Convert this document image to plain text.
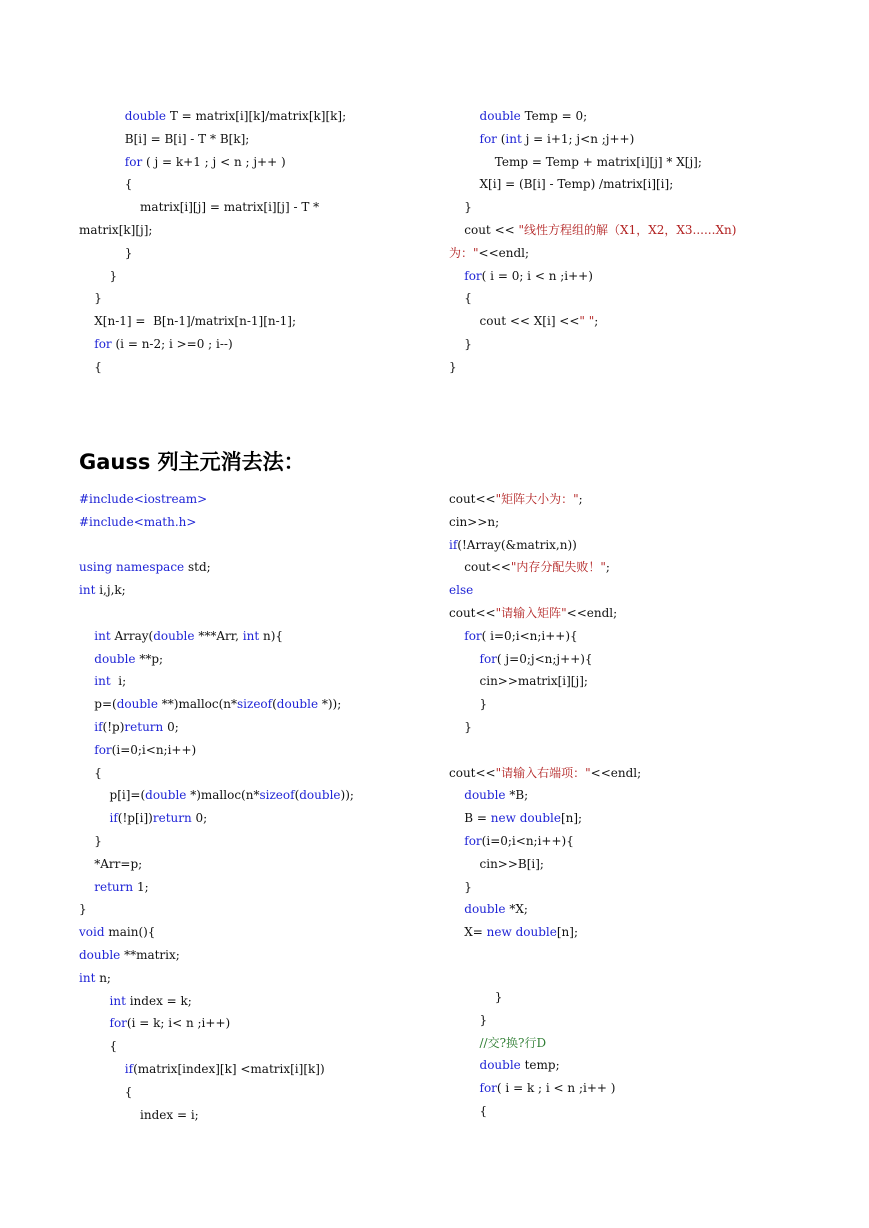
double T = matrix[i][k]/matrix[k][k];
B[i] = B[i] - T * B[k];
for ( j = k+1 ; j < n ; j++ )
{
matrix[i][j] = matrix[i][j] - T *
matrix[k][j];
}
}
}
X[n-1] =  B[n-1]/matrix[n-1][n-1];
for (i = n-2; i >=0 ; i--)
{
double Temp = 0;
for (int j = i+1; j<n ;j++)
Temp = Temp + matrix[i][j] * X[j];
X[i] = (B[i] - Temp) /matrix[i][i];
}
cout << "线性方程组的解（X1，X2，X3......Xn)
为："<<endl;
for( i = 0; i < n ;i++)
{
cout << X[i] <<" ";
}
}
Gauss 列主元消去法：
#include<iostream>
#include<math.h>
using namespace std;
int i,j,k;
int Array(double ***Arr, int n){
double **p;
int  i;
p=(double **)malloc(n*sizeof(double *));
if(!p)return 0;
for(i=0;i<n;i++)
{
p[i]=(double *)malloc(n*sizeof(double));
if(!p[i])return 0;
}
*Arr=p;
return 1;
}
void main(){
double **matrix;
int n;
int index = k;
for(i = k; i< n ;i++)
{
if(matrix[index][k] <matrix[i][k])
{
index = i;
cout<<"矩阵大小为：";
cin>>n;
if(!Array(&matrix,n))
cout<<"内存分配失败！";
else
cout<<"请输入矩阵"<<endl;
for( i=0;i<n;i++){
for( j=0;j<n;j++){
cin>>matrix[i][j];
}
}
cout<<"请输入右端项："<<endl;
double *B;
B = new double[n];
for(i=0;i<n;i++){
cin>>B[i];
}
double *X;
X= new double[n];
}
}
//交?换?行D
double temp;
for( i = k ; i < n ;i++ )
{
